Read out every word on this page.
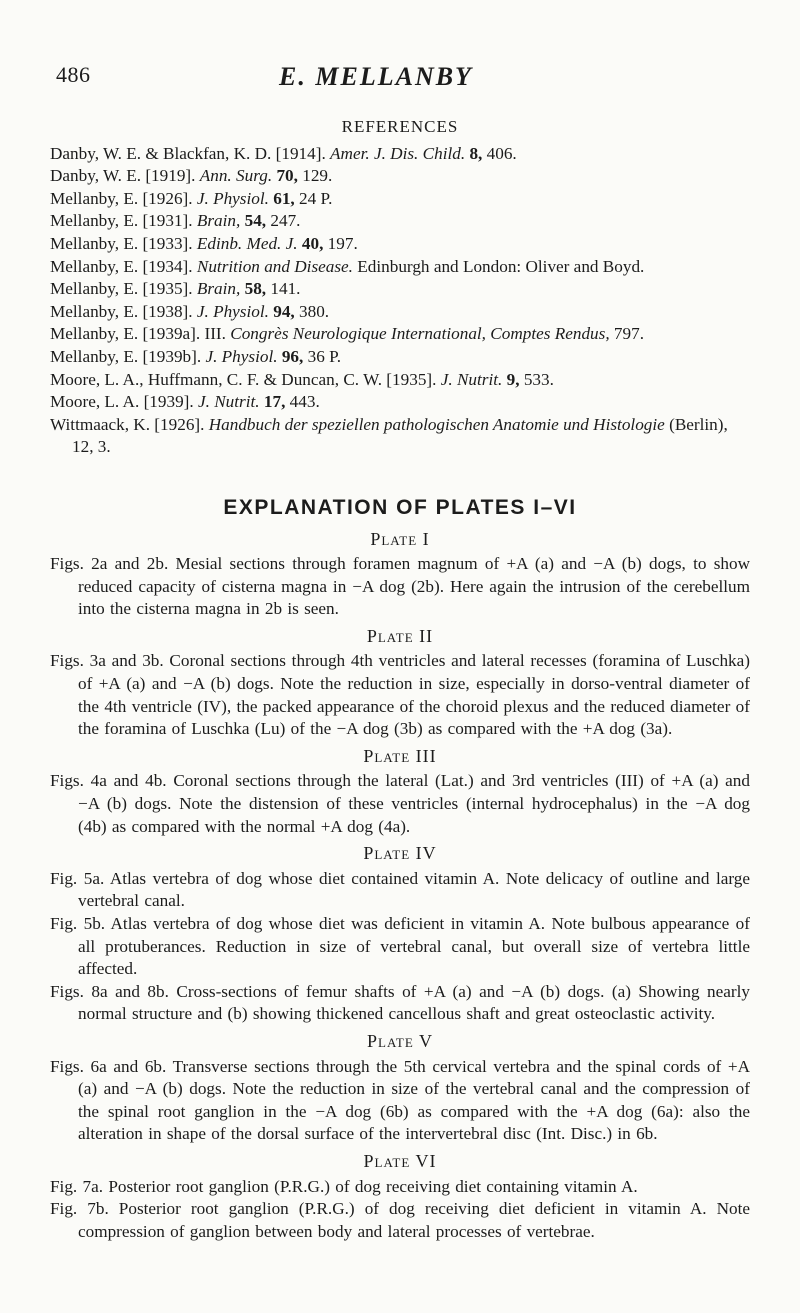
486	E. MELLANBY
REFERENCES

Danby, W. E. & Blackfan, K. D. [1914]. Amer. J. Dis. Child. 8, 406.

Danby, W. E. [1919]. Ann. Surg. 70, 129.

Mellanby, E. [1926]. J. Physiol. 61, 24 P.

Mellanby, E. [1931]. Brain, 54, 247.

Mellanby, E. [1933]. Edinb. Med. J. 40, 197.

Mellanby, E. [1934]. Nutrition and Disease. Edinburgh and London: Oliver and Boyd.

Mellanby, E. [1935]. Brain, 58, 141.

Mellanby, E. [1938]. J. Physiol. 94, 380.

Mellanby, E. [1939a]. III. Congrès Neurologique International, Comptes Rendus, 797.

Mellanby, E. [1939b]. J. Physiol. 96, 36 P.

Moore, L. A., Huffmann, C. F. & Duncan, C. W. [1935]. J. Nutrit. 9, 533.

Moore, L. A. [1939]. J. Nutrit. 17, 443.

Wittmaack, K. [1926]. Handbuch der speziellen pathologischen Anatomie und Histologie (Berlin), 12, 3.

EXPLANATION OF PLATES I–VI
Plate I

Figs. 2a and 2b. Mesial sections through foramen magnum of +A (a) and −A (b) dogs, to show reduced capacity of cisterna magna in −A dog (2b). Here again the intrusion of the cerebellum into the cisterna magna in 2b is seen.

Plate II

Figs. 3a and 3b. Coronal sections through 4th ventricles and lateral recesses (foramina of Luschka) of +A (a) and −A (b) dogs. Note the reduction in size, especially in dorso-ventral diameter of the 4th ventricle (IV), the packed appearance of the choroid plexus and the reduced diameter of the foramina of Luschka (Lu) of the −A dog (3b) as compared with the +A dog (3a).

Plate III

Figs. 4a and 4b. Coronal sections through the lateral (Lat.) and 3rd ventricles (III) of +A (a) and −A (b) dogs. Note the distension of these ventricles (internal hydrocephalus) in the −A dog (4b) as compared with the normal +A dog (4a).

Plate IV

Fig. 5a. Atlas vertebra of dog whose diet contained vitamin A. Note delicacy of outline and large vertebral canal.

Fig. 5b. Atlas vertebra of dog whose diet was deficient in vitamin A. Note bulbous appearance of all protuberances. Reduction in size of vertebral canal, but overall size of vertebra little affected.

Figs. 8a and 8b. Cross-sections of femur shafts of +A (a) and −A (b) dogs. (a) Showing nearly normal structure and (b) showing thickened cancellous shaft and great osteoclastic activity.

Plate V

Figs. 6a and 6b. Transverse sections through the 5th cervical vertebra and the spinal cords of +A (a) and −A (b) dogs. Note the reduction in size of the vertebral canal and the compression of the spinal root ganglion in the −A dog (6b) as compared with the +A dog (6a): also the alteration in shape of the dorsal surface of the intervertebral disc (Int. Disc.) in 6b.

Plate VI

Fig. 7a. Posterior root ganglion (P.R.G.) of dog receiving diet containing vitamin A.

Fig. 7b. Posterior root ganglion (P.R.G.) of dog receiving diet deficient in vitamin A. Note compression of ganglion between body and lateral processes of vertebrae.
